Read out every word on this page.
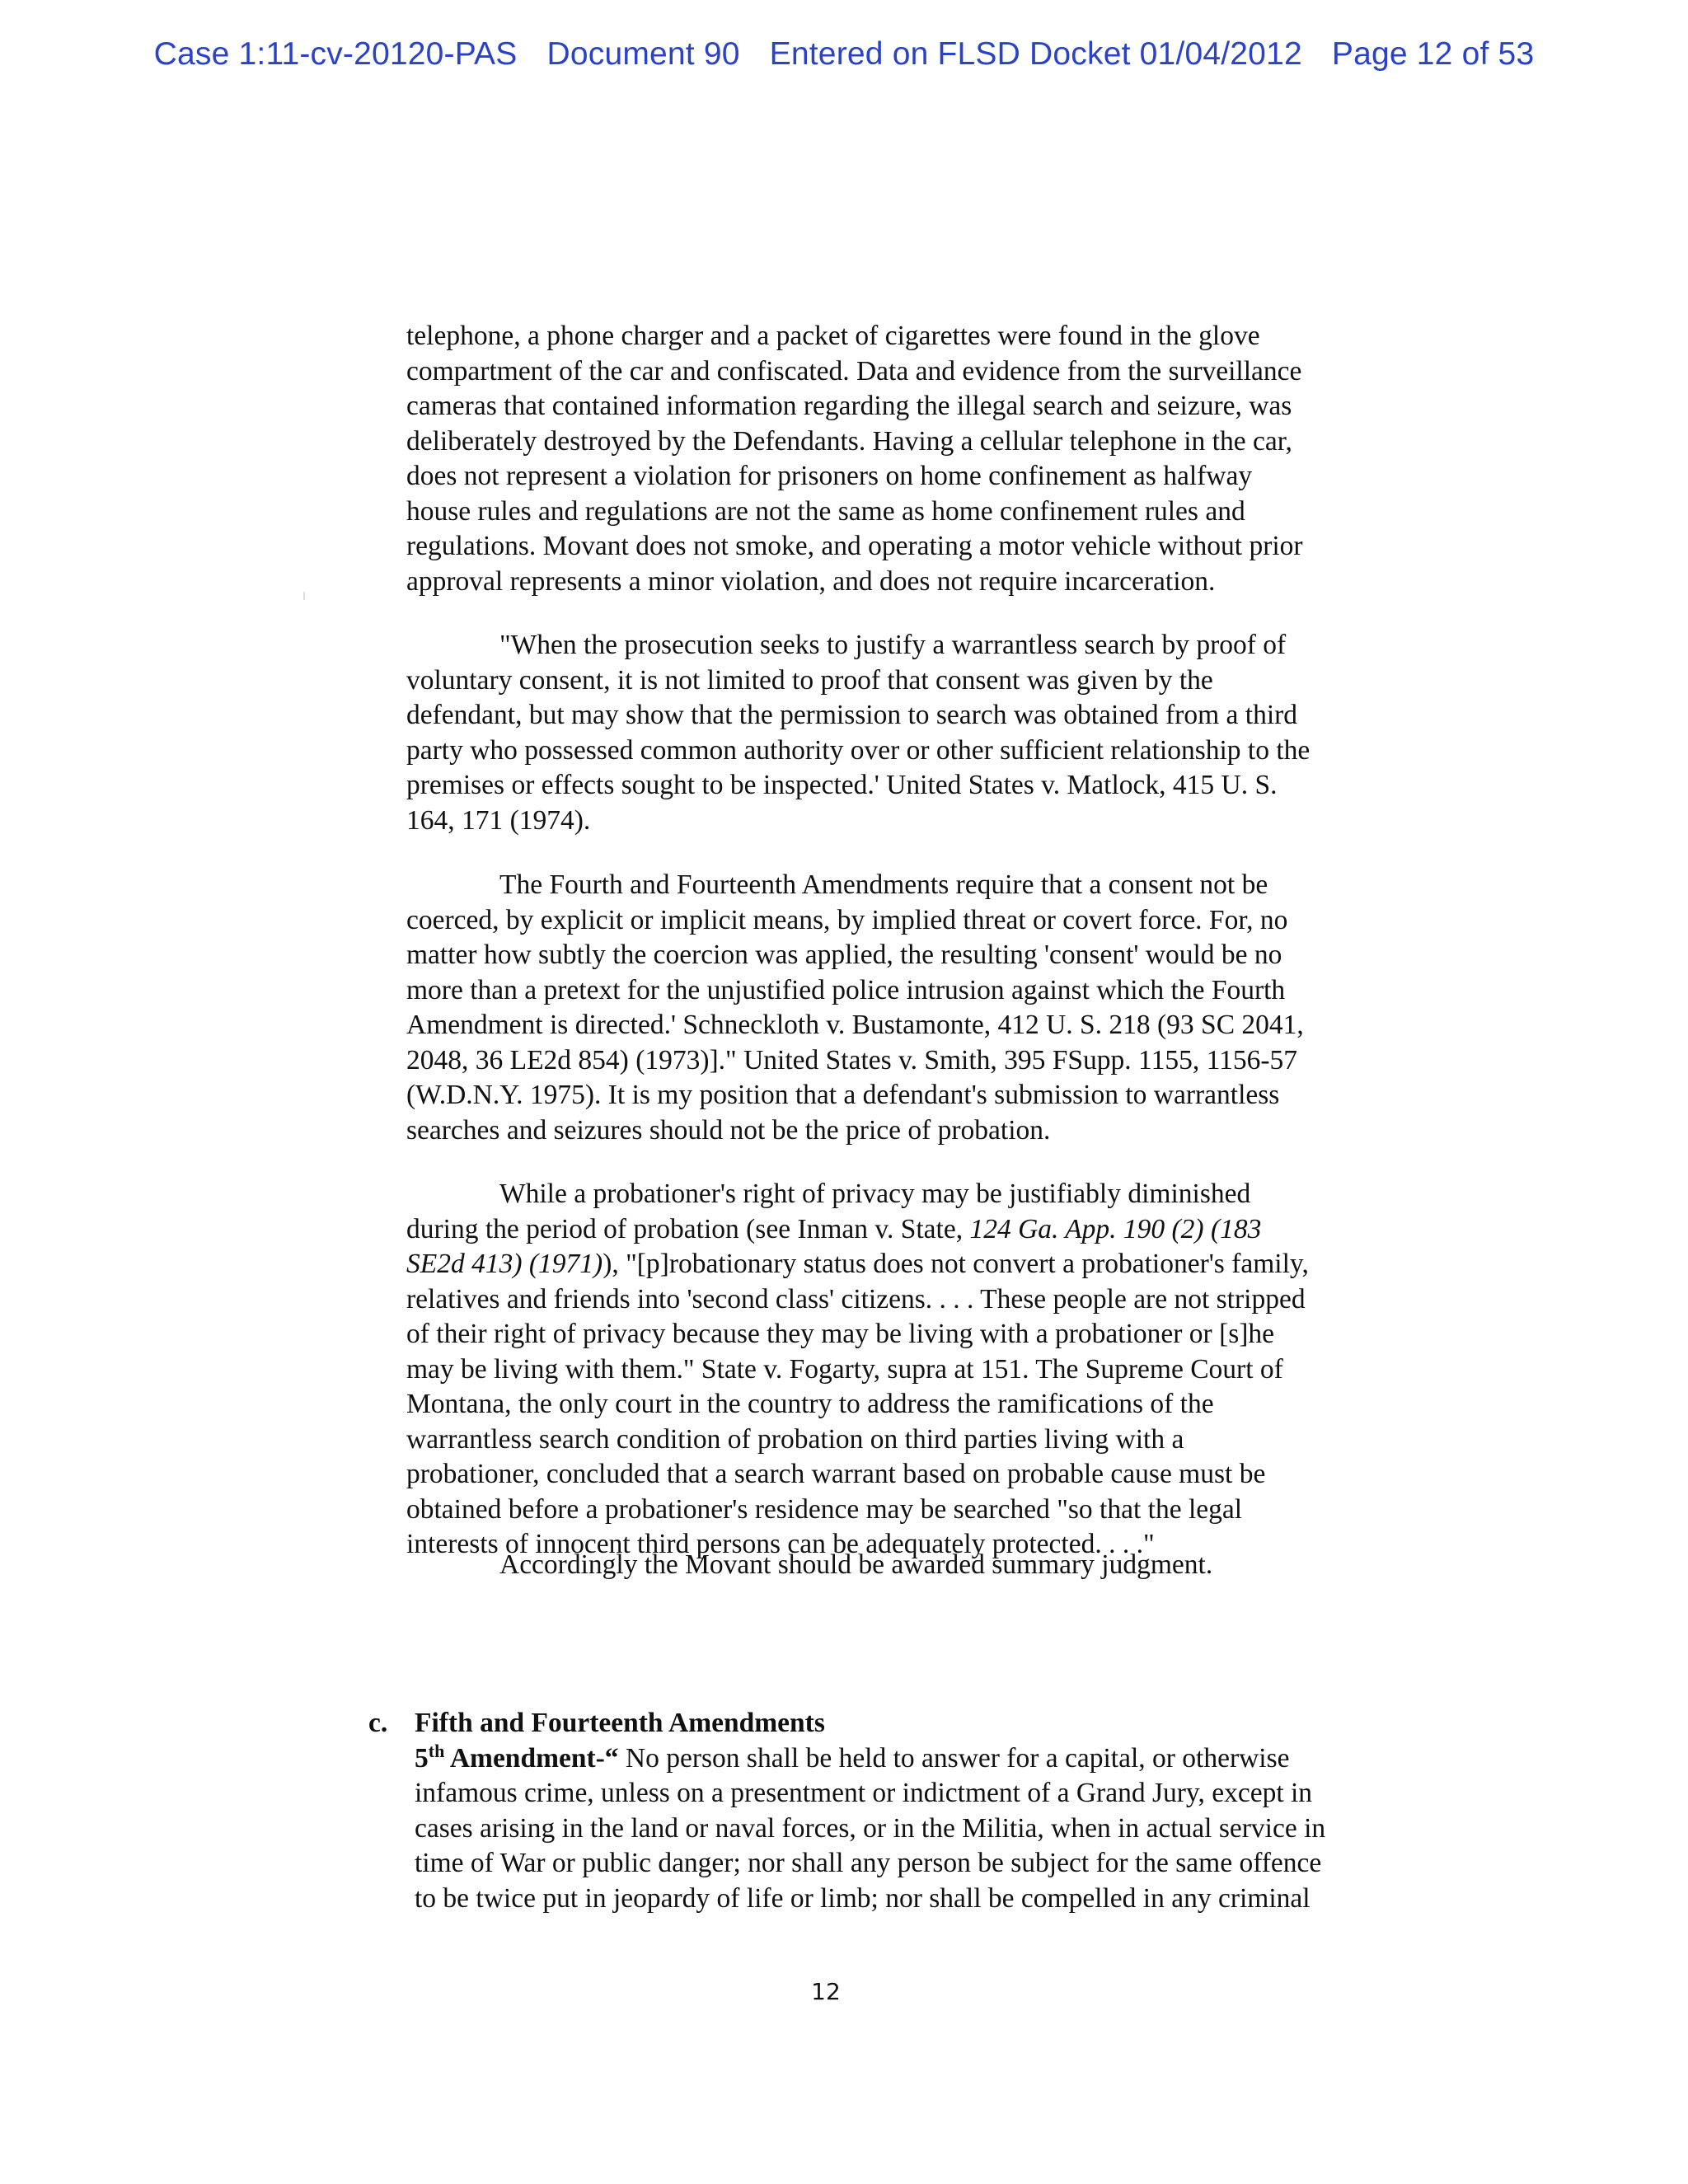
Case 1:11-cv-20120-PAS Document 90 Entered on FLSD Docket 01/04/2012 Page 12 of 53
telephone, a phone charger and a packet of cigarettes were found in the glove
compartment of the car and confiscated. Data and evidence from the surveillance
cameras that contained information regarding the illegal search and seizure, was
deliberately destroyed by the Defendants. Having a cellular telephone in the car,
does not represent a violation for prisoners on home confinement as halfway
house rules and regulations are not the same as home confinement rules and
regulations. Movant does not smoke, and operating a motor vehicle without prior
approval represents a minor violation, and does not require incarceration.
"When the prosecution seeks to justify a warrantless search by proof of
voluntary consent, it is not limited to proof that consent was given by the
defendant, but may show that the permission to search was obtained from a third
party who possessed common authority over or other sufficient relationship to the
premises or effects sought to be inspected.' United States v. Matlock, 415 U. S.
164, 171 (1974).
The Fourth and Fourteenth Amendments require that a consent not be
coerced, by explicit or implicit means, by implied threat or covert force. For, no
matter how subtly the coercion was applied, the resulting 'consent' would be no
more than a pretext for the unjustified police intrusion against which the Fourth
Amendment is directed.' Schneckloth v. Bustamonte, 412 U. S. 218 (93 SC 2041,
2048, 36 LE2d 854) (1973)]." United States v. Smith, 395 FSupp. 1155, 1156-57
(W.D.N.Y. 1975). It is my position that a defendant's submission to warrantless
searches and seizures should not be the price of probation.
While a probationer's right of privacy may be justifiably diminished
during the period of probation (see Inman v. State, 124 Ga. App. 190 (2) (183
SE2d 413) (1971)), "[p]robationary status does not convert a probationer's family,
relatives and friends into 'second class' citizens. . . . These people are not stripped
of their right of privacy because they may be living with a probationer or [s]he
may be living with them." State v. Fogarty, supra at 151. The Supreme Court of
Montana, the only court in the country to address the ramifications of the
warrantless search condition of probation on third parties living with a
probationer, concluded that a search warrant based on probable cause must be
obtained before a probationer's residence may be searched "so that the legal
interests of innocent third persons can be adequately protected. . . ."
Accordingly the Movant should be awarded summary judgment.
c. Fifth and Fourteenth Amendments
5th Amendment-“ No person shall be held to answer for a capital, or otherwise
infamous crime, unless on a presentment or indictment of a Grand Jury, except in
cases arising in the land or naval forces, or in the Militia, when in actual service in
time of War or public danger; nor shall any person be subject for the same offence
to be twice put in jeopardy of life or limb; nor shall be compelled in any criminal
12
